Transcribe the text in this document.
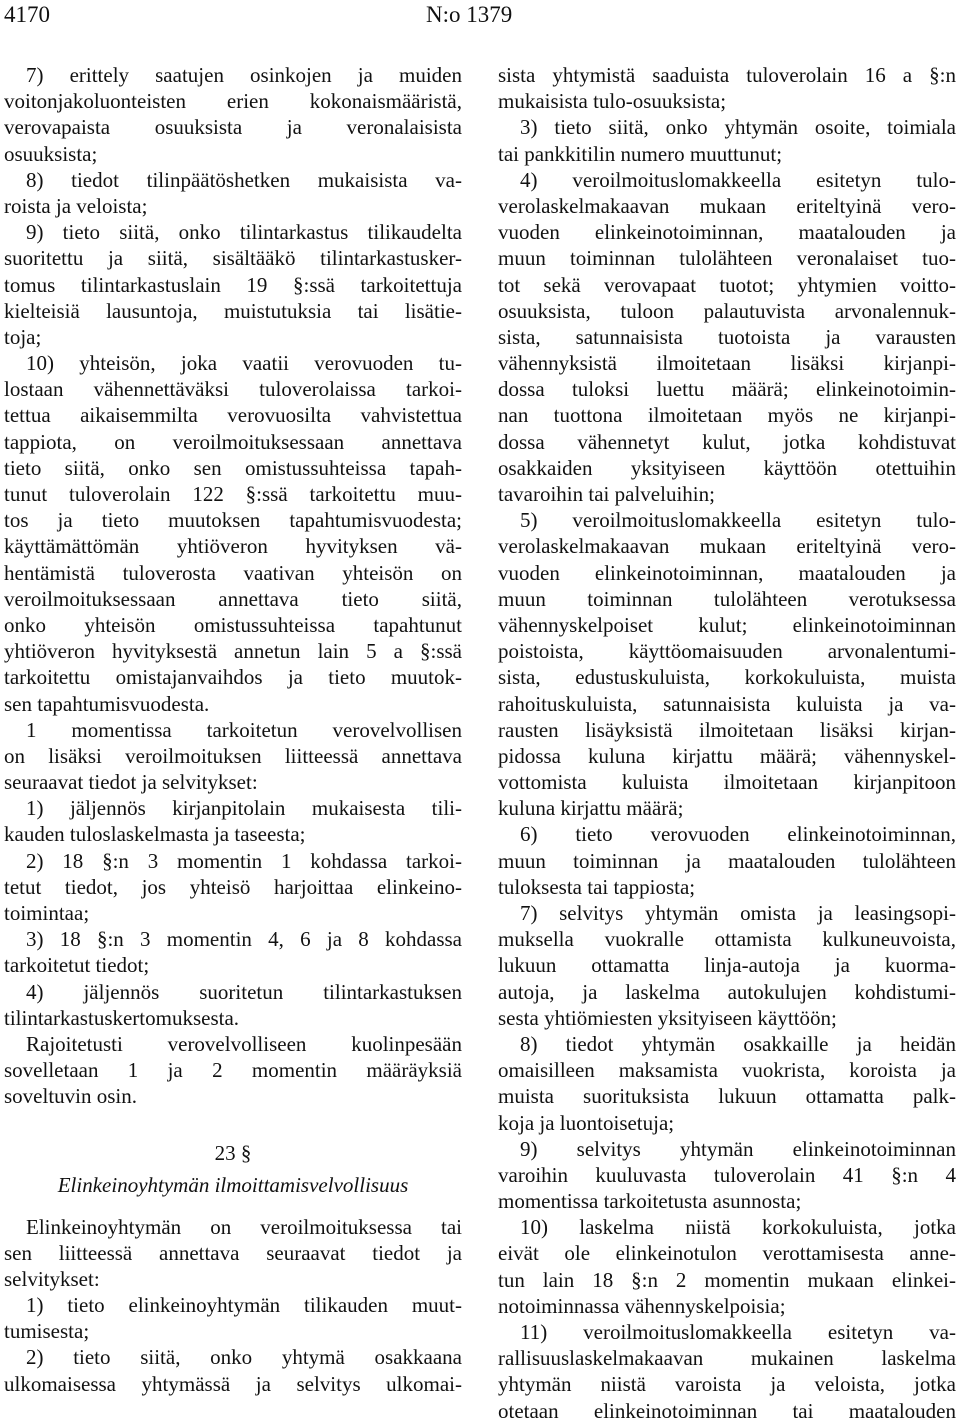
4170	N:o 1379
7) erittely saatujen osinkojen ja muiden
voitonjakoluonteisten erien kokonaismääristä,
verovapaista osuuksista ja veronalaisista
osuuksista;
8) tiedot tilinpäätöshetken mukaisista va-
roista ja veloista;
9) tieto siitä, onko tilintarkastus tilikaudelta
suoritettu ja siitä, sisältääkö tilintarkastusker-
tomus tilintarkastuslain 19 §:ssä tarkoitettuja
kielteisiä lausuntoja, muistutuksia tai lisätie-
toja;
10) yhteisön, joka vaatii verovuoden tu-
lostaan vähennettäväksi tuloverolaissa tarkoi-
tettua aikaisemmilta verovuosilta vahvistettua
tappiota, on veroilmoituksessaan annettava
tieto siitä, onko sen omistussuhteissa tapah-
tunut tuloverolain 122 §:ssä tarkoitettu muu-
tos ja tieto muutoksen tapahtumisvuodesta;
käyttämättömän yhtiöveron hyvityksen vä-
hentämistä tuloverosta vaativan yhteisön on
veroilmoituksessaan annettava tieto siitä,
onko yhteisön omistussuhteissa tapahtunut
yhtiöveron hyvityksestä annetun lain 5 a §:ssä
tarkoitettu omistajanvaihdos ja tieto muutok-
sen tapahtumisvuodesta.
1 momentissa tarkoitetun verovelvollisen
on lisäksi veroilmoituksen liitteessä annettava
seuraavat tiedot ja selvitykset:
1) jäljennös kirjanpitolain mukaisesta tili-
kauden tuloslaskelmasta ja taseesta;
2) 18 §:n 3 momentin 1 kohdassa tarkoi-
tetut tiedot, jos yhteisö harjoittaa elinkeino-
toimintaa;
3) 18 §:n 3 momentin 4, 6 ja 8 kohdassa
tarkoitetut tiedot;
4) jäljennös suoritetun tilintarkastuksen
tilintarkastuskertomuksesta.
Rajoitetusti verovelvolliseen kuolinpesään
sovelletaan 1 ja 2 momentin määräyksiä
soveltuvin osin.
23 §
Elinkeinoyhtymän ilmoittamisvelvollisuus
Elinkeinoyhtymän on veroilmoituksessa tai
sen liitteessä annettava seuraavat tiedot ja
selvitykset:
1) tieto elinkeinoyhtymän tilikauden muut-
tumisesta;
2) tieto siitä, onko yhtymä osakkaana
ulkomaisessa yhtymässä ja selvitys ulkomai-
sista yhtymistä saaduista tuloverolain 16 a §:n
mukaisista tulo-osuuksista;
3) tieto siitä, onko yhtymän osoite, toimiala
tai pankkitilin numero muuttunut;
4) veroilmoituslomakkeella esitetyn tulo-
verolaskelmakaavan mukaan eriteltyinä vero-
vuoden elinkeinotoiminnan, maatalouden ja
muun toiminnan tulolähteen veronalaiset tuo-
tot sekä verovapaat tuotot; yhtymien voitto-
osuuksista, tuloon palautuvista arvonalennuk-
sista, satunnaisista tuotoista ja varausten
vähennyksistä ilmoitetaan lisäksi kirjanpi-
dossa tuloksi luettu määrä; elinkeinotoimin-
nan tuottona ilmoitetaan myös ne kirjanpi-
dossa vähennetyt kulut, jotka kohdistuvat
osakkaiden yksityiseen käyttöön otettuihin
tavaroihin tai palveluihin;
5) veroilmoituslomakkeella esitetyn tulo-
verolaskelmakaavan mukaan eriteltyinä vero-
vuoden elinkeinotoiminnan, maatalouden ja
muun toiminnan tulolähteen verotuksessa
vähennyskelpoiset kulut; elinkeinotoiminnan
poistoista, käyttöomaisuuden arvonalentumi-
sista, edustuskuluista, korkokuluista, muista
rahoituskuluista, satunnaisista kuluista ja va-
rausten lisäyksistä ilmoitetaan lisäksi kirjan-
pidossa kuluna kirjattu määrä; vähennyskel-
vottomista kuluista ilmoitetaan kirjanpitoon
kuluna kirjattu määrä;
6) tieto verovuoden elinkeinotoiminnan,
muun toiminnan ja maatalouden tulolähteen
tuloksesta tai tappiosta;
7) selvitys yhtymän omista ja leasingsopi-
muksella vuokralle ottamista kulkuneuvoista,
lukuun ottamatta linja-autoja ja kuorma-
autoja, ja laskelma autokulujen kohdistumi-
sesta yhtiömiesten yksityiseen käyttöön;
8) tiedot yhtymän osakkaille ja heidän
omaisilleen maksamista vuokrista, koroista ja
muista suorituksista lukuun ottamatta palk-
koja ja luontoisetuja;
9) selvitys yhtymän elinkeinotoiminnan
varoihin kuuluvasta tuloverolain 41 §:n 4
momentissa tarkoitetusta asunnosta;
10) laskelma niistä korkokuluista, jotka
eivät ole elinkeinotulon verottamisesta anne-
tun lain 18 §:n 2 momentin mukaan elinkei-
notoiminnassa vähennyskelpoisia;
11) veroilmoituslomakkeella esitetyn va-
rallisuuslaskelmakaavan mukainen laskelma
yhtymän niistä varoista ja veloista, jotka
otetaan elinkeinotoiminnan tai maatalouden
